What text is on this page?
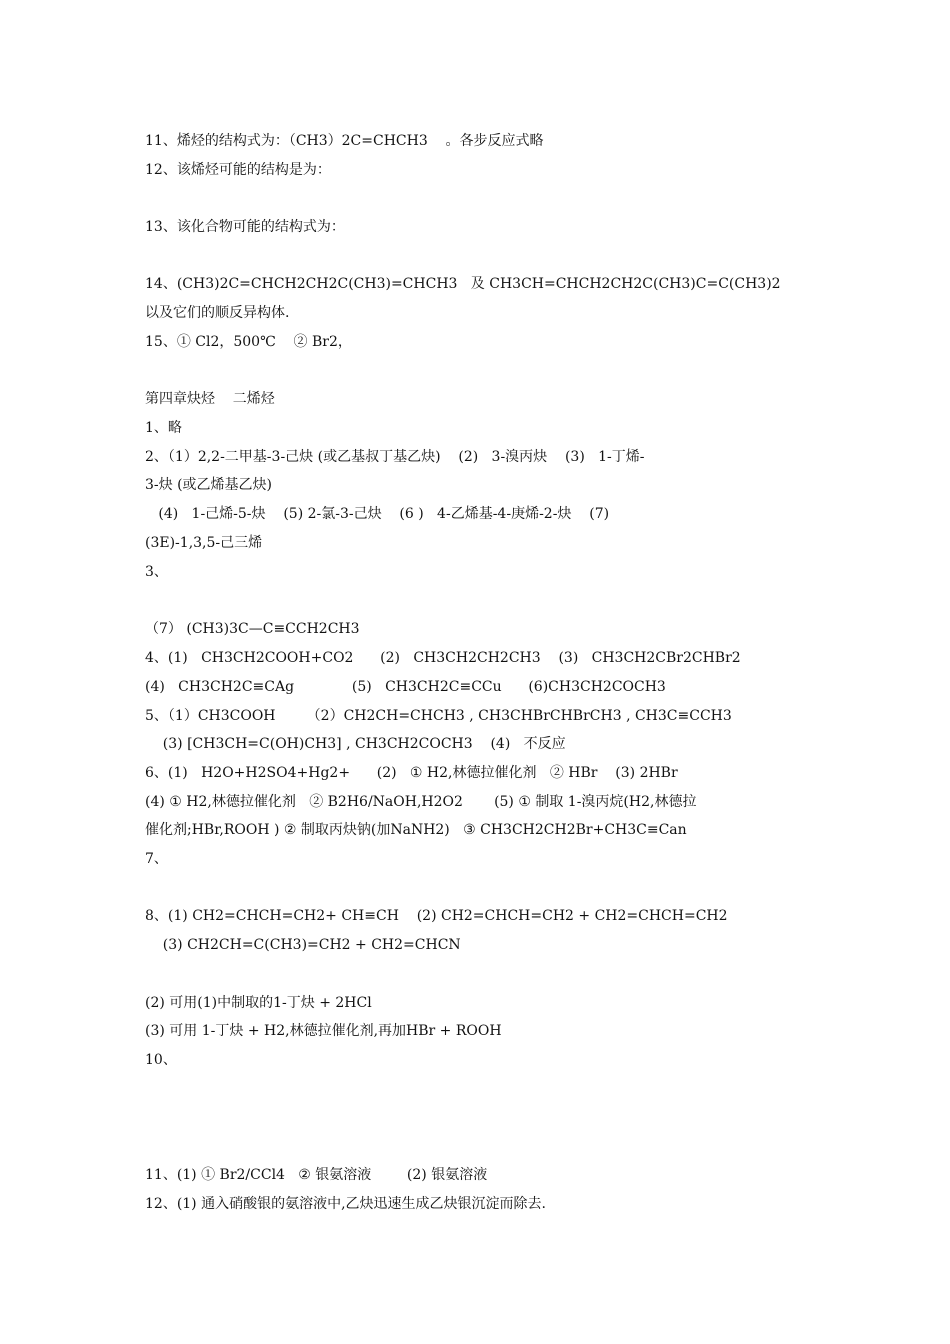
11、烯烃的结构式为：（CH3）2C=CHCH3    。各步反应式略
12、该烯烃可能的结构是为：
13、该化合物可能的结构式为：
14、(CH3)2C=CHCH2CH2C(CH3)=CHCH3   及 CH3CH=CHCH2CH2C(CH3)C=C(CH3)2
以及它们的顺反异构体.
15、① Cl2，500℃    ② Br2，
第四章炔烃    二烯烃
1、略
2、（1）2,2-二甲基-3-己炔 (或乙基叔丁基乙炔)    (2)   3-溴丙炔    (3)   1-丁烯-
3-炔 (或乙烯基乙炔)
(4)   1-己烯-5-炔    (5) 2-氯-3-己炔    (6 )   4-乙烯基-4-庚烯-2-炔    (7)
(3E)-1,3,5-己三烯
3、
（7） (CH3)3C—C≡CCH2CH3
4、(1)   CH3CH2COOH+CO2      (2)   CH3CH2CH2CH3    (3)   CH3CH2CBr2CHBr2
(4)   CH3CH2C≡CAg             (5)   CH3CH2C≡CCu      (6)CH3CH2COCH3
5、（1）CH3COOH       （2）CH2CH=CHCH3 , CH3CHBrCHBrCH3 , CH3C≡CCH3
(3) [CH3CH=C(OH)CH3] , CH3CH2COCH3    (4)   不反应
6、(1)   H2O+H2SO4+Hg2+      (2)   ① H2,林德拉催化剂   ② HBr    (3) 2HBr
(4) ① H2,林德拉催化剂   ② B2H6/NaOH,H2O2       (5) ① 制取 1-溴丙烷(H2,林德拉
催化剂;HBr,ROOH ) ② 制取丙炔钠(加NaNH2)   ③ CH3CH2CH2Br+CH3C≡Can
7、
8、(1) CH2=CHCH=CH2+ CH≡CH    (2) CH2=CHCH=CH2 + CH2=CHCH=CH2
(3) CH2CH=C(CH3)=CH2 + CH2=CHCN
(2) 可用(1)中制取的1-丁炔 + 2HCl
(3) 可用 1-丁炔 + H2,林德拉催化剂,再加HBr + ROOH
10、
11、(1) ① Br2/CCl4   ② 银氨溶液        (2) 银氨溶液
12、(1) 通入硝酸银的氨溶液中,乙炔迅速生成乙炔银沉淀而除去.
